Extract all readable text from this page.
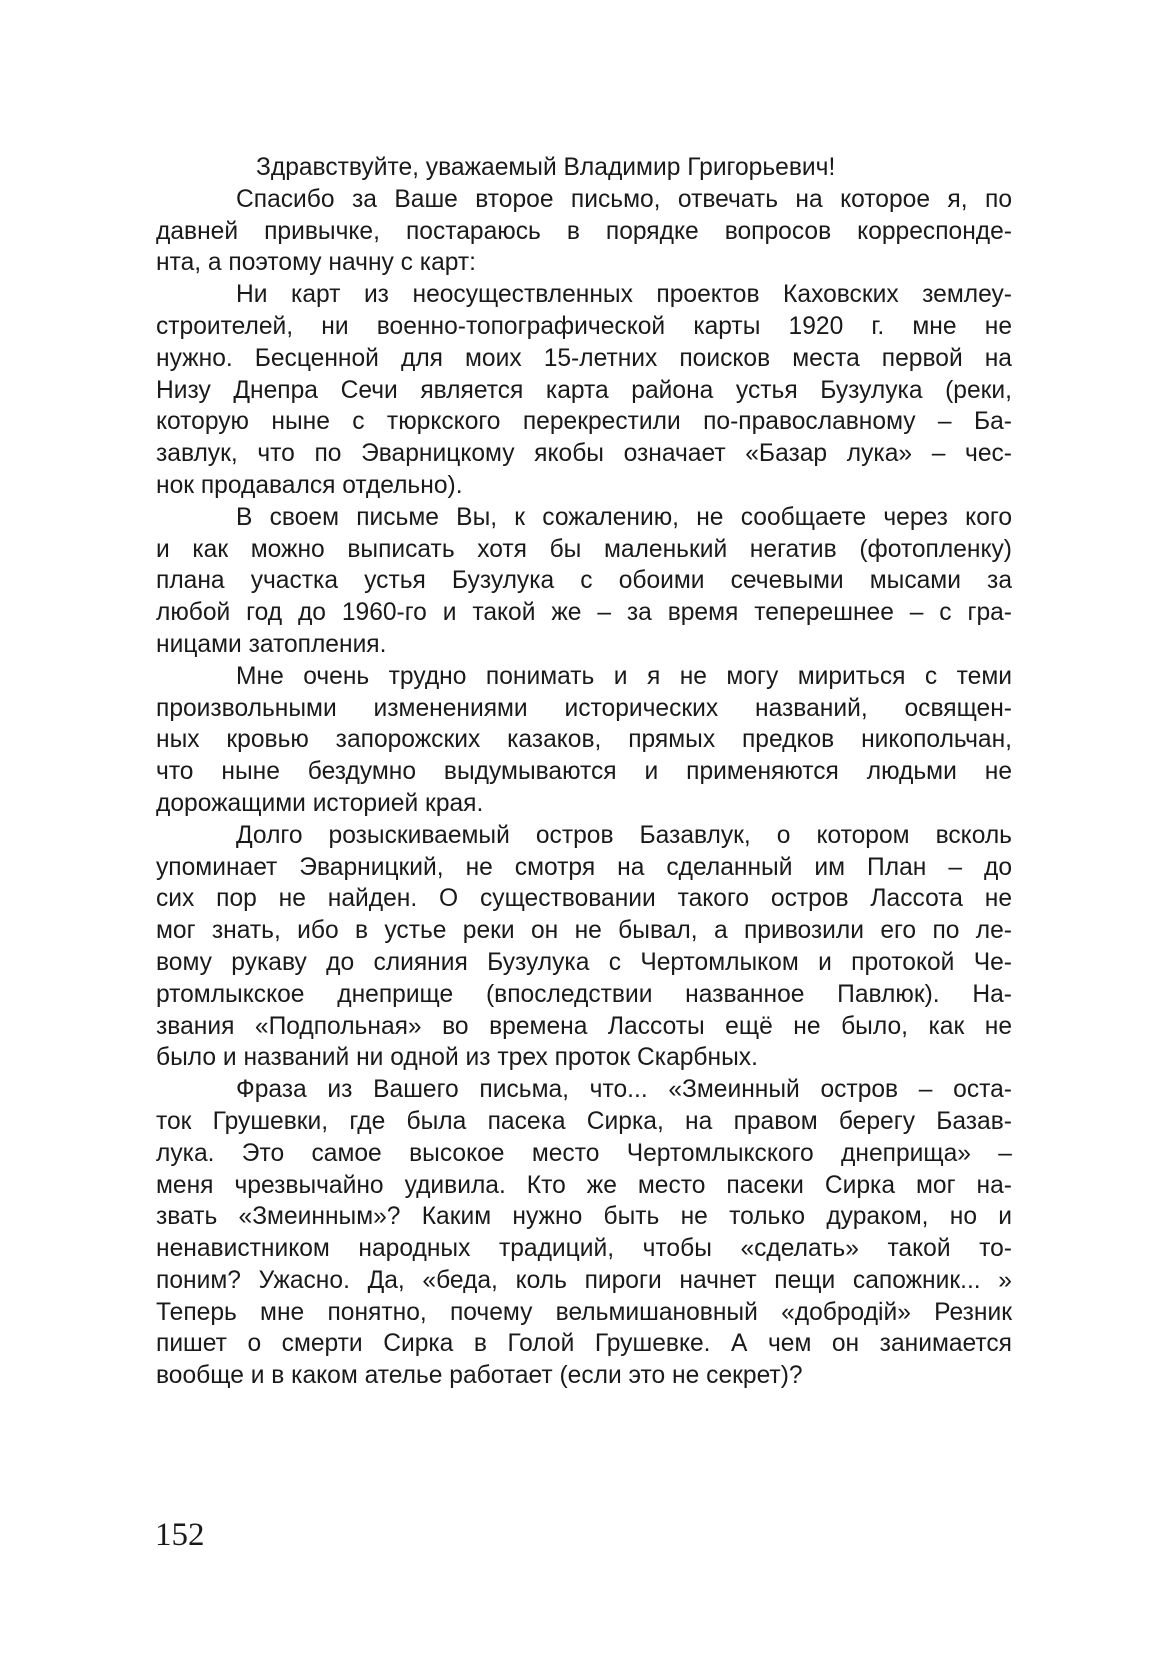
Здравствуйте, уважаемый Владимир Григорьевич!
Спасибо за Ваше второе письмо, отвечать на которое я, по
давней привычке, постараюсь в порядке вопросов корреспонде-
нта, а поэтому начну с карт:
Ни карт из неосуществленных проектов Каховских землеу-
строителей, ни военно-топографической карты 1920 г. мне не
нужно. Бесценной для моих 15-летних поисков места первой на
Низу Днепра Сечи является карта района устья Бузулука (реки,
которую ныне с тюркского перекрестили по-православному – Ба-
завлук, что по Эварницкому якобы означает «Базар лука» – чес-
нок продавался отдельно).
В своем письме Вы, к сожалению, не сообщаете через кого
и как можно выписать хотя бы маленький негатив (фотопленку)
плана участка устья Бузулука с обоими сечевыми мысами за
любой год до 1960-го и такой же – за время теперешнее – с гра-
ницами затопления.
Мне очень трудно понимать и я не могу мириться с теми
произвольными изменениями исторических названий, освящен-
ных кровью запорожских казаков, прямых предков никопольчан,
что ныне бездумно выдумываются и применяются людьми не
дорожащими историей края.
Долго розыскиваемый остров Базавлук, о котором всколь
упоминает Эварницкий, не смотря на сделанный им План – до
сих пор не найден. О существовании такого остров Лассота не
мог знать, ибо в устье реки он не бывал, а привозили его по ле-
вому рукаву до слияния Бузулука с Чертомлыком и протокой Че-
ртомлыкское днеприще (впоследствии названное Павлюк). На-
звания «Подпольная» во времена Лассоты ещё не было, как не
было и названий ни одной из трех проток Скарбных.
Фраза из Вашего письма, что... «Змеинный остров – оста-
ток Грушевки, где была пасека Сирка, на правом берегу Базав-
лука. Это самое высокое место Чертомлыкского днеприща» –
меня чрезвычайно удивила. Кто же место пасеки Сирка мог на-
звать «Змеинным»? Каким нужно быть не только дураком, но и
ненавистником народных традиций, чтобы «сделать» такой то-
поним? Ужасно. Да, «беда, коль пироги начнет пещи сапожник... »
Теперь мне понятно, почему вельмишановный «добродій» Резник
пишет о смерти Сирка в Голой Грушевке. А чем он занимается
вообще и в каком ателье работает (если это не секрет)?
152
